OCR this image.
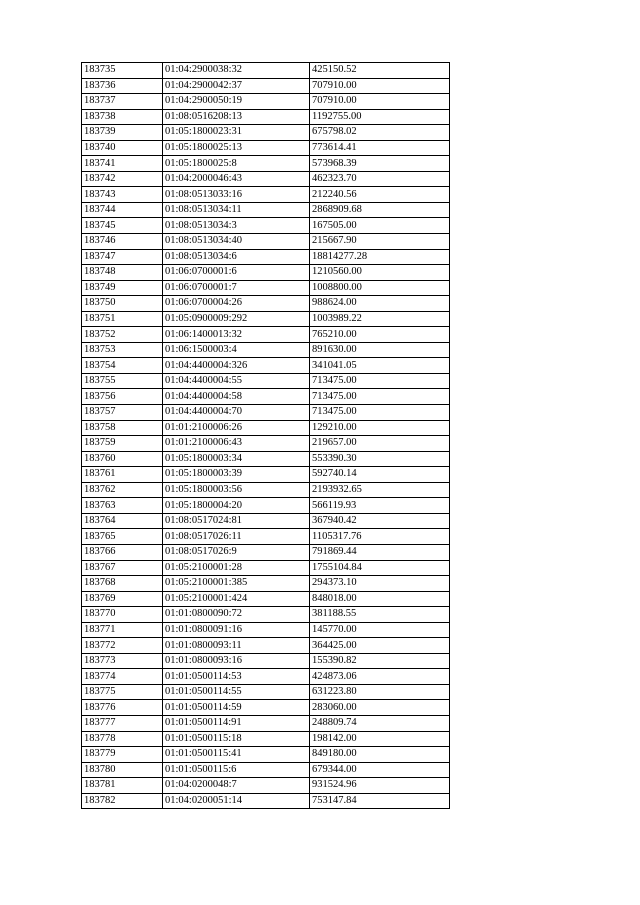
183735	01:04:2900038:32	425150.52
183736	01:04:2900042:37	707910.00
183737	01:04:2900050:19	707910.00
183738	01:08:0516208:13	1192755.00
183739	01:05:1800023:31	675798.02
183740	01:05:1800025:13	773614.41
183741	01:05:1800025:8	573968.39
183742	01:04:2000046:43	462323.70
183743	01:08:0513033:16	212240.56
183744	01:08:0513034:11	2868909.68
183745	01:08:0513034:3	167505.00
183746	01:08:0513034:40	215667.90
183747	01:08:0513034:6	18814277.28
183748	01:06:0700001:6	1210560.00
183749	01:06:0700001:7	1008800.00
183750	01:06:0700004:26	988624.00
183751	01:05:0900009:292	1003989.22
183752	01:06:1400013:32	765210.00
183753	01:06:1500003:4	891630.00
183754	01:04:4400004:326	341041.05
183755	01:04:4400004:55	713475.00
183756	01:04:4400004:58	713475.00
183757	01:04:4400004:70	713475.00
183758	01:01:2100006:26	129210.00
183759	01:01:2100006:43	219657.00
183760	01:05:1800003:34	553390.30
183761	01:05:1800003:39	592740.14
183762	01:05:1800003:56	2193932.65
183763	01:05:1800004:20	566119.93
183764	01:08:0517024:81	367940.42
183765	01:08:0517026:11	1105317.76
183766	01:08:0517026:9	791869.44
183767	01:05:2100001:28	1755104.84
183768	01:05:2100001:385	294373.10
183769	01:05:2100001:424	848018.00
183770	01:01:0800090:72	381188.55
183771	01:01:0800091:16	145770.00
183772	01:01:0800093:11	364425.00
183773	01:01:0800093:16	155390.82
183774	01:01:0500114:53	424873.06
183775	01:01:0500114:55	631223.80
183776	01:01:0500114:59	283060.00
183777	01:01:0500114:91	248809.74
183778	01:01:0500115:18	198142.00
183779	01:01:0500115:41	849180.00
183780	01:01:0500115:6	679344.00
183781	01:04:0200048:7	931524.96
183782	01:04:0200051:14	753147.84
